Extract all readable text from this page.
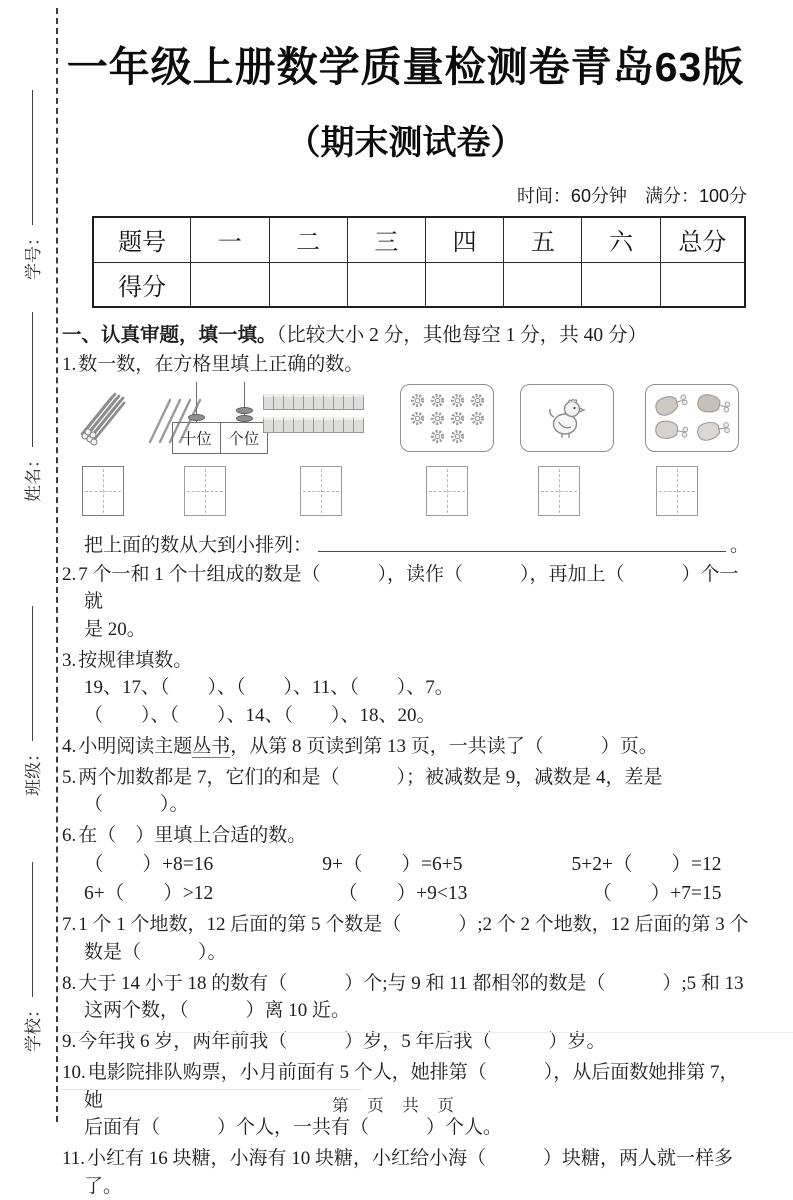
学号：
姓名：
班级：
学校：
一年级上册数学质量检测卷青岛63版
（期末测试卷）
时间：60分钟　满分：100分
题号	一	二	三	四	五	六	总分
得分							
一、认真审题，填一填。（比较大小 2 分，其他每空 1 分，共 40 分）

1. 数一数，在方格里填上正确的数。

十位	个位
把上面的数从大到小排列：	。

2. 7 个一和 1 个十组成的数是（　　　），读作（　　　），再加上（　　　）个一就
是 20。

3. 按规律填数。
19、17、（　　）、（　　）、11、（　　）、7。
（　　）、（　　）、14、（　　）、18、20。

4. 小明阅读主题丛书，从第 8 页读到第 13 页，一共读了（　　　）页。

5. 两个加数都是 7，它们的和是（　　　）；被减数是 9，减数是 4，差是（　　　）。

6. 在（　）里填上合适的数。

（　　）+8=16	9+（　　）=6+5	5+2+（　　）=12
6+（　　）>12	（　　）+9<13	（　　）+7=15

7. 1 个 1 个地数，12 后面的第 5 个数是（　　　）;2 个 2 个地数，12 后面的第 3 个
数是（　　　）。

8. 大于 14 小于 18 的数有（　　　）个;与 9 和 11 都相邻的数是（　　　）;5 和 13
这两个数，（　　　）离 10 近。

9. 今年我 6 岁，两年前我（　　　）岁，5 年后我（　　　）岁。

10. 电影院排队购票，小月前面有 5 个人，她排第（　　　），从后面数她排第 7，她
后面有（　　　）个人，一共有（　　　）个人。

11. 小红有 16 块糖，小海有 10 块糖，小红给小海（　　　）块糖，两人就一样多了。

第 页 共 页
